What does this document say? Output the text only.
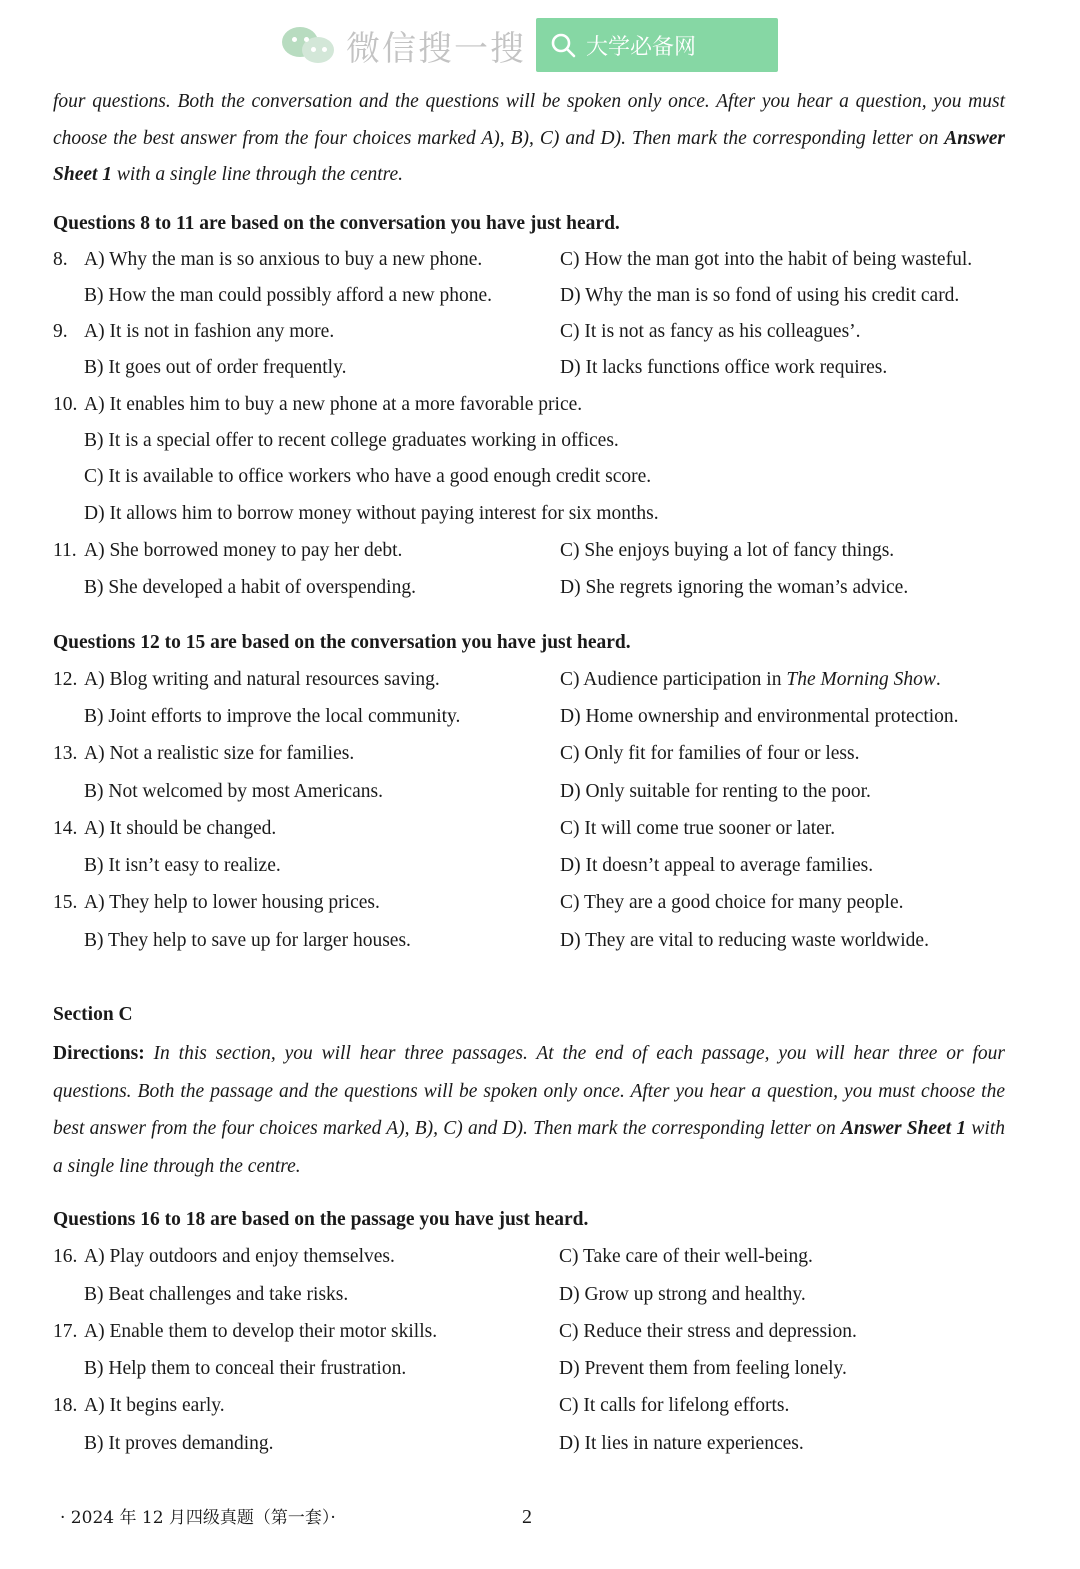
微信搜一搜	大学必备网
four questions. Both the conversation and the questions will be spoken only once. After you hear a question, you must choose the best answer from the four choices marked A), B), C) and D). Then mark the corresponding letter on Answer Sheet 1 with a single line through the centre.
Questions 8 to 11 are based on the conversation you have just heard.
8. A) Why the man is so anxious to buy a new phone.	C) How the man got into the habit of being wasteful.
B) How the man could possibly afford a new phone.	D) Why the man is so fond of using his credit card.
9. A) It is not in fashion any more.	C) It is not as fancy as his colleagues’.
B) It goes out of order frequently.	D) It lacks functions office work requires.
10. A) It enables him to buy a new phone at a more favorable price.
B) It is a special offer to recent college graduates working in offices.
C) It is available to office workers who have a good enough credit score.
D) It allows him to borrow money without paying interest for six months.
11. A) She borrowed money to pay her debt.	C) She enjoys buying a lot of fancy things.
B) She developed a habit of overspending.	D) She regrets ignoring the woman’s advice.
Questions 12 to 15 are based on the conversation you have just heard.
12. A) Blog writing and natural resources saving.	C) Audience participation in The Morning Show.
B) Joint efforts to improve the local community.	D) Home ownership and environmental protection.
13. A) Not a realistic size for families.	C) Only fit for families of four or less.
B) Not welcomed by most Americans.	D) Only suitable for renting to the poor.
14. A) It should be changed.	C) It will come true sooner or later.
B) It isn’t easy to realize.	D) It doesn’t appeal to average families.
15. A) They help to lower housing prices.	C) They are a good choice for many people.
B) They help to save up for larger houses.	D) They are vital to reducing waste worldwide.
Section C
Directions: In this section, you will hear three passages. At the end of each passage, you will hear three or four questions. Both the passage and the questions will be spoken only once. After you hear a question, you must choose the best answer from the four choices marked A), B), C) and D). Then mark the corresponding letter on Answer Sheet 1 with a single line through the centre.
Questions 16 to 18 are based on the passage you have just heard.
16. A) Play outdoors and enjoy themselves.	C) Take care of their well-being.
B) Beat challenges and take risks.	D) Grow up strong and healthy.
17. A) Enable them to develop their motor skills.	C) Reduce their stress and depression.
B) Help them to conceal their frustration.	D) Prevent them from feeling lonely.
18. A) It begins early.	C) It calls for lifelong efforts.
B) It proves demanding.	D) It lies in nature experiences.
· 2024 年 12 月四级真题（第一套）·	2
